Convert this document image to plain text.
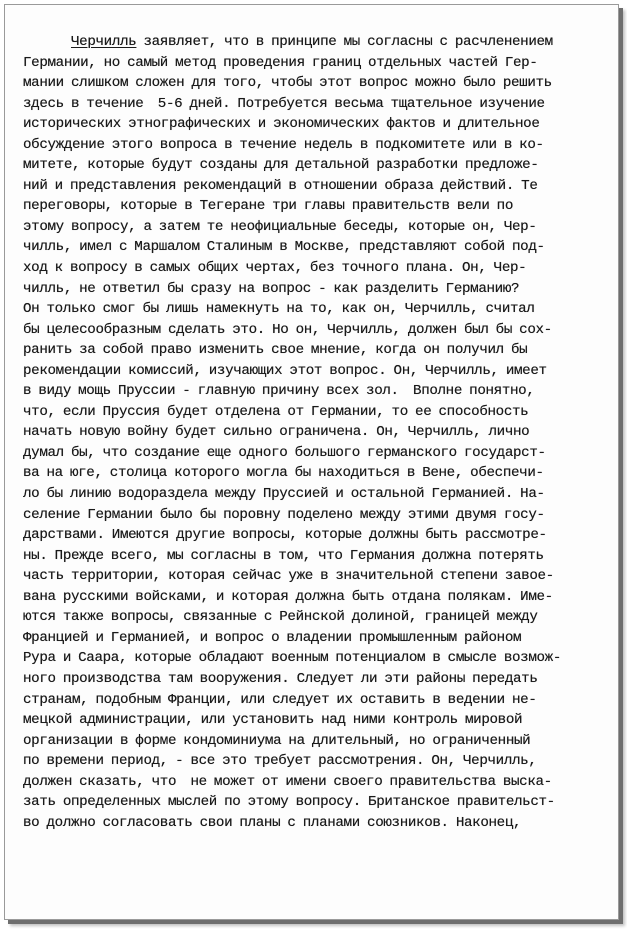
Черчилль заявляет, что в принципе мы согласны с расчленением
Германии, но самый метод проведения границ отдельных частей Гер-
мании слишком сложен для того, чтобы этот вопрос можно было решить
здесь в течение  5-6 дней. Потребуется весьма тщательное изучение
исторических этнографических и экономических фактов и длительное
обсуждение этого вопроса в течение недель в подкомитете или в ко-
митете, которые будут созданы для детальной разработки предложе-
ний и представления рекомендаций в отношении образа действий. Те
переговоры, которые в Тегеране три главы правительств вели по
этому вопросу, а затем те неофициальные беседы, которые он, Чер-
чилль, имел с Маршалом Сталиным в Москве, представляют собой под-
ход к вопросу в самых общих чертах, без точного плана. Он, Чер-
чилль, не ответил бы сразу на вопрос - как разделить Германию?
Он только смог бы лишь намекнуть на то, как он, Черчилль, считал
бы целесообразным сделать это. Но он, Черчилль, должен был бы сох-
ранить за собой право изменить свое мнение, когда он получил бы
рекомендации комиссий, изучающих этот вопрос. Он, Черчилль, имеет
в виду мощь Пруссии - главную причину всех зол.  Вполне понятно,
что, если Пруссия будет отделена от Германии, то ее способность
начать новую войну будет сильно ограничена. Он, Черчилль, лично
думал бы, что создание еще одного большого германского государст-
ва на юге, столица которого могла бы находиться в Вене, обеспечи-
ло бы линию водораздела между Пруссией и остальной Германией. На-
селение Германии было бы поровну поделено между этими двумя госу-
дарствами. Имеются другие вопросы, которые должны быть рассмотре-
ны. Прежде всего, мы согласны в том, что Германия должна потерять
часть территории, которая сейчас уже в значительной степени завое-
вана русскими войсками, и которая должна быть отдана полякам. Име-
ются также вопросы, связанные с Рейнской долиной, границей между
Францией и Германией, и вопрос о владении промышленным районом
Рура и Саара, которые обладают военным потенциалом в смысле возмож-
ного производства там вооружения. Следует ли эти районы передать
странам, подобным Франции, или следует их оставить в ведении не-
мецкой администрации, или установить над ними контроль мировой
организации в форме кондоминиума на длительный, но ограниченный
по времени период, - все это требует рассмотрения. Он, Черчилль,
должен сказать, что  не может от имени своего правительства выска-
зать определенных мыслей по этому вопросу. Британское правительст-
во должно согласовать свои планы с планами союзников. Наконец,
